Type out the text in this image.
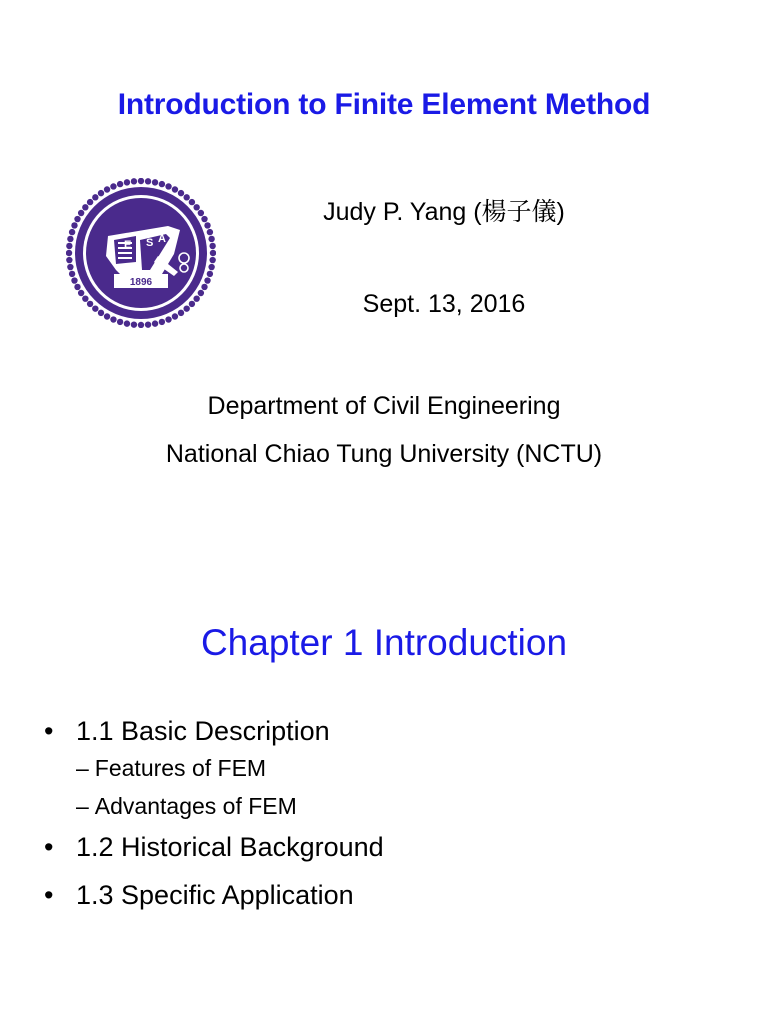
Introduction to Finite Element Method
E S A
1896
Judy P. Yang (楊子儀)
Sept. 13, 2016
Department of Civil Engineering
National Chiao Tung University (NCTU)
Chapter 1 Introduction
• 1.1 Basic Description
– Features of FEM
– Advantages of FEM
• 1.2 Historical Background
• 1.3 Specific Application
